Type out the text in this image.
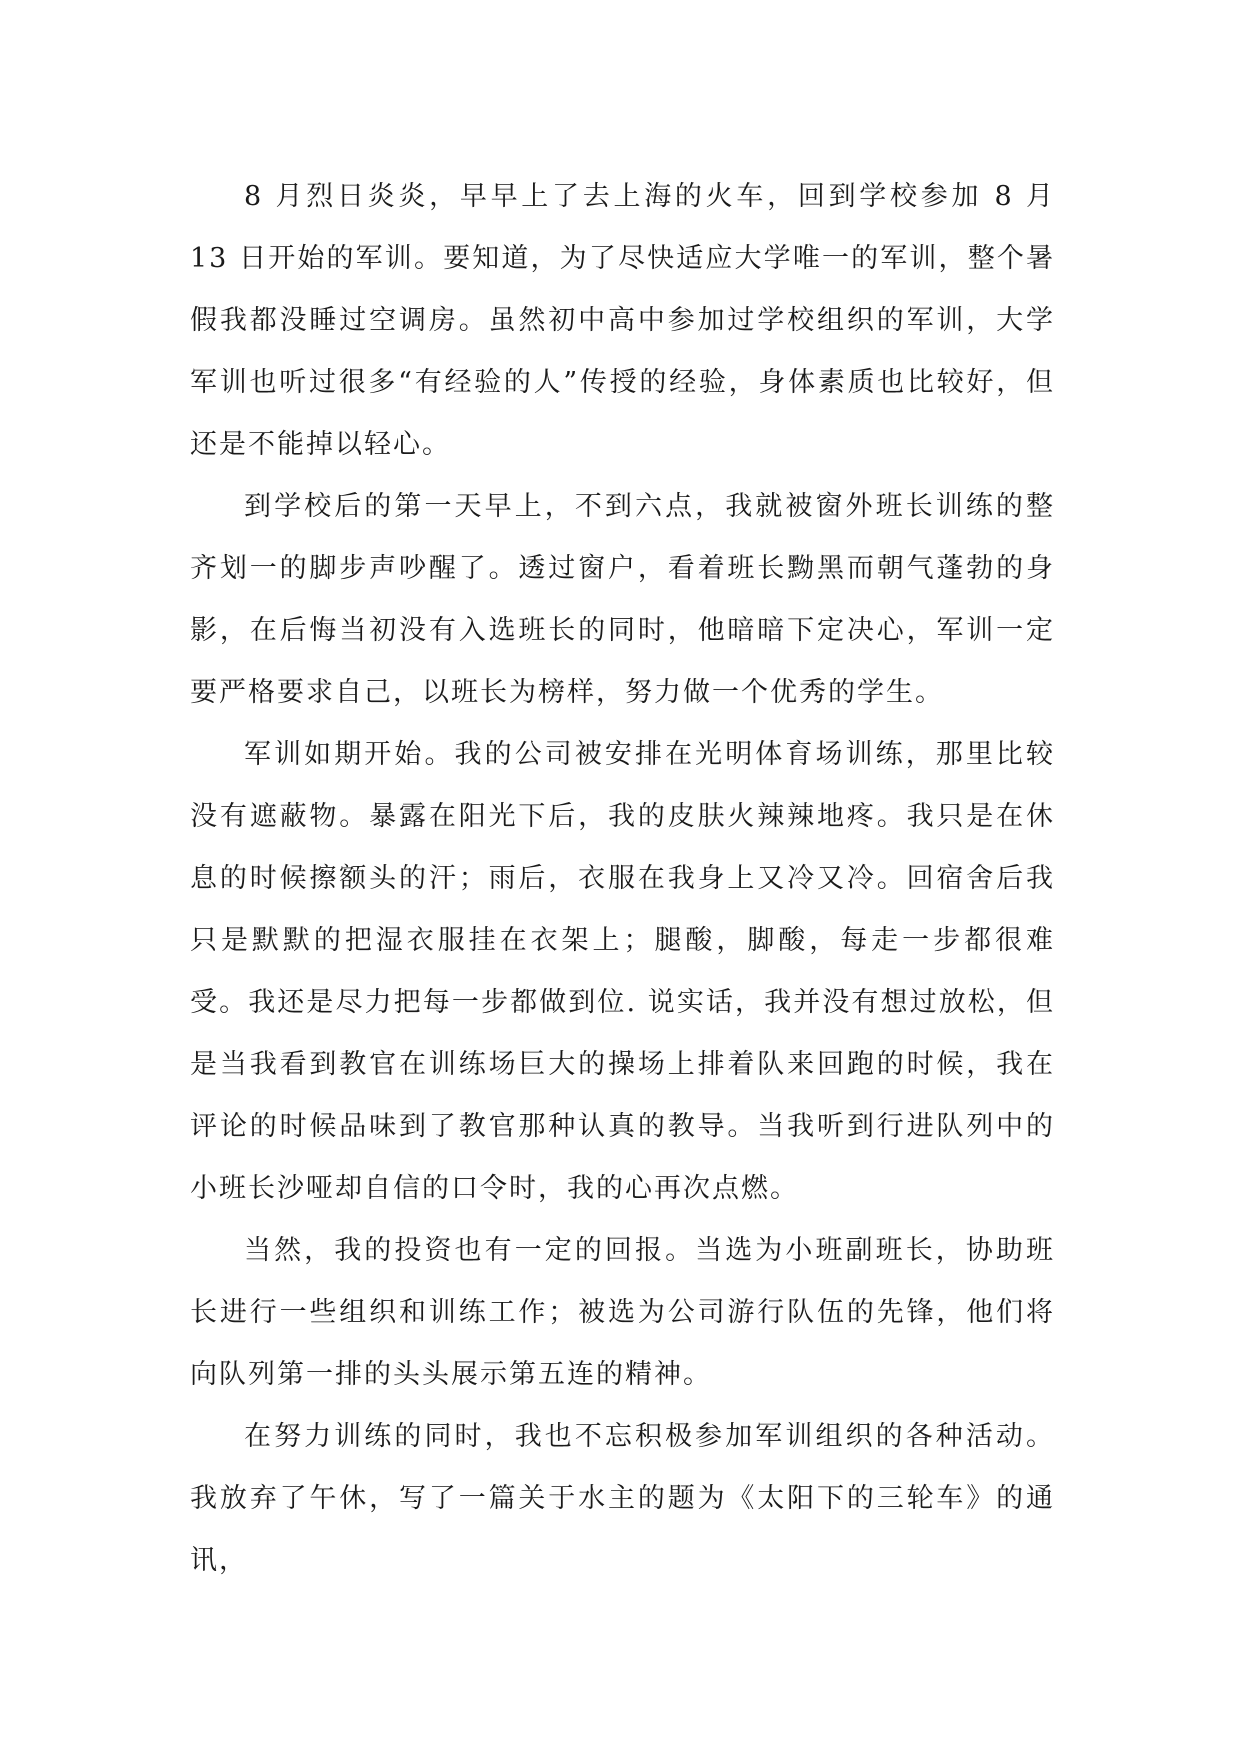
8 月烈日炎炎，早早上了去上海的火车，回到学校参加 8 月 13 日开始的军训。要知道，为了尽快适应大学唯一的军训，整个暑假我都没睡过空调房。虽然初中高中参加过学校组织的军训，大学军训也听过很多“有经验的人”传授的经验，身体素质也比较好，但还是不能掉以轻心。

到学校后的第一天早上，不到六点，我就被窗外班长训练的整齐划一的脚步声吵醒了。透过窗户，看着班长黝黑而朝气蓬勃的身影，在后悔当初没有入选班长的同时，他暗暗下定决心，军训一定要严格要求自己，以班长为榜样，努力做一个优秀的学生。

军训如期开始。我的公司被安排在光明体育场训练，那里比较没有遮蔽物。暴露在阳光下后，我的皮肤火辣辣地疼。我只是在休息的时候擦额头的汗；雨后，衣服在我身上又冷又冷。回宿舍后我只是默默的把湿衣服挂在衣架上；腿酸，脚酸，每走一步都很难受。我还是尽力把每一步都做到位. 说实话，我并没有想过放松，但是当我看到教官在训练场巨大的操场上排着队来回跑的时候，我在评论的时候品味到了教官那种认真的教导。当我听到行进队列中的小班长沙哑却自信的口令时，我的心再次点燃。

当然，我的投资也有一定的回报。当选为小班副班长，协助班长进行一些组织和训练工作；被选为公司游行队伍的先锋，他们将向队列第一排的头头展示第五连的精神。

在努力训练的同时，我也不忘积极参加军训组织的各种活动。我放弃了午休，写了一篇关于水主的题为《太阳下的三轮车》的通讯，
